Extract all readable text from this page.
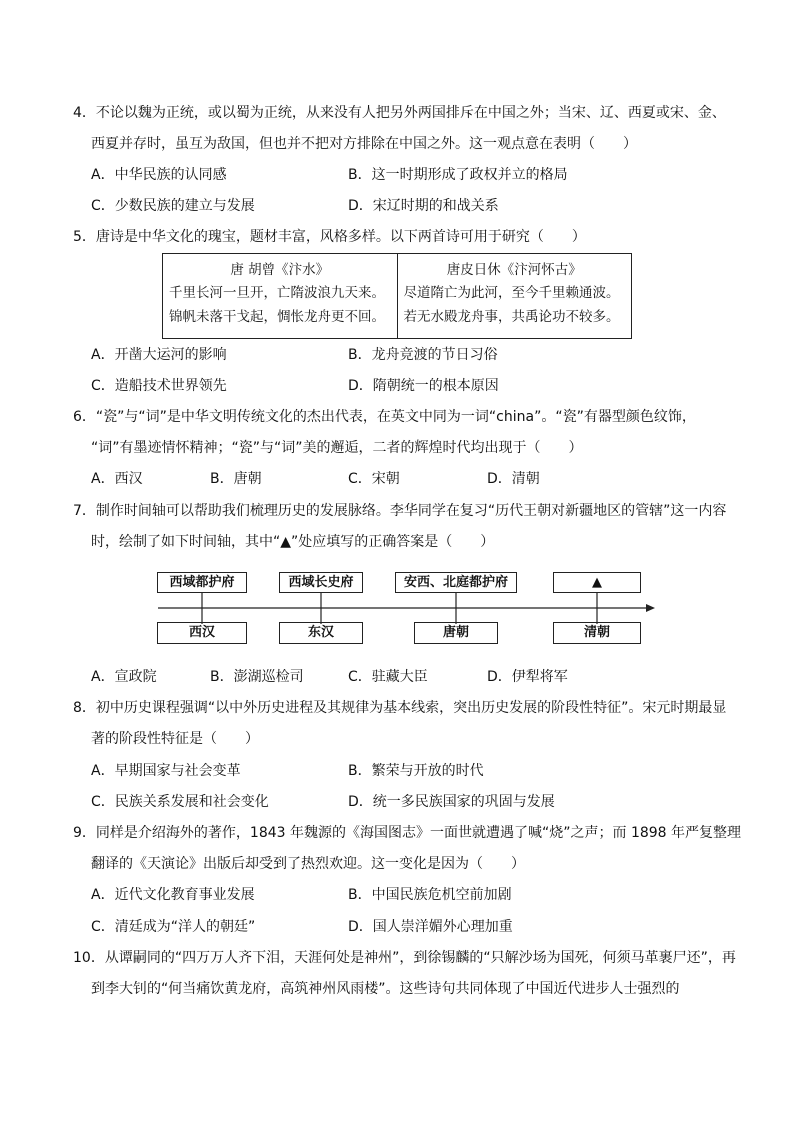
4．不论以魏为正统，或以蜀为正统，从来没有人把另外两国排斥在中国之外；当宋、辽、西夏或宋、金、
西夏并存时，虽互为敌国，但也并不把对方排除在中国之外。这一观点意在表明（　　）
A．中华民族的认同感	B．这一时期形成了政权并立的格局
C．少数民族的建立与发展	D．宋辽时期的和战关系
5．唐诗是中华文化的瑰宝，题材丰富，风格多样。以下两首诗可用于研究（　　）
唐 胡曾《汴水》
千里长河一旦开，亡隋波浪九天来。
锦帆未落干戈起，惆怅龙舟更不回。

唐皮日休《汴河怀古》
尽道隋亡为此河，至今千里赖通波。
若无水殿龙舟事，共禹论功不较多。
A．开凿大运河的影响	B．龙舟竞渡的节日习俗
C．造船技术世界领先	D．隋朝统一的根本原因
6．“瓷”与“词”是中华文明传统文化的杰出代表，在英文中同为一词“china”。“瓷”有器型颜色纹饰，
“词”有墨迹情怀精神；“瓷”与“词”美的邂逅，二者的辉煌时代均出现于（　　）
A．西汉	B．唐朝	C．宋朝	D．清朝
7．制作时间轴可以帮助我们梳理历史的发展脉络。李华同学在复习“历代王朝对新疆地区的管辖”这一内容
时，绘制了如下时间轴，其中“▲”处应填写的正确答案是（　　）
西域都护府	西域长史府	安西、北庭都护府	▲
西汉	东汉	唐朝	清朝
A．宣政院	B．澎湖巡检司	C．驻藏大臣	D．伊犁将军
8．初中历史课程强调“以中外历史进程及其规律为基本线索，突出历史发展的阶段性特征”。宋元时期最显
著的阶段性特征是（　　）
A．早期国家与社会变革	B．繁荣与开放的时代
C．民族关系发展和社会变化	D．统一多民族国家的巩固与发展
9．同样是介绍海外的著作，1843 年魏源的《海国图志》一面世就遭遇了喊“烧”之声；而 1898 年严复整理
翻译的《天演论》出版后却受到了热烈欢迎。这一变化是因为（　　）
A．近代文化教育事业发展	B．中国民族危机空前加剧
C．清廷成为“洋人的朝廷”	D．国人崇洋媚外心理加重
10．从谭嗣同的“四万万人齐下泪，天涯何处是神州”，到徐锡麟的“只解沙场为国死，何须马革裹尸还”，再
到李大钊的“何当痛饮黄龙府，高筑神州风雨楼”。这些诗句共同体现了中国近代进步人士强烈的
